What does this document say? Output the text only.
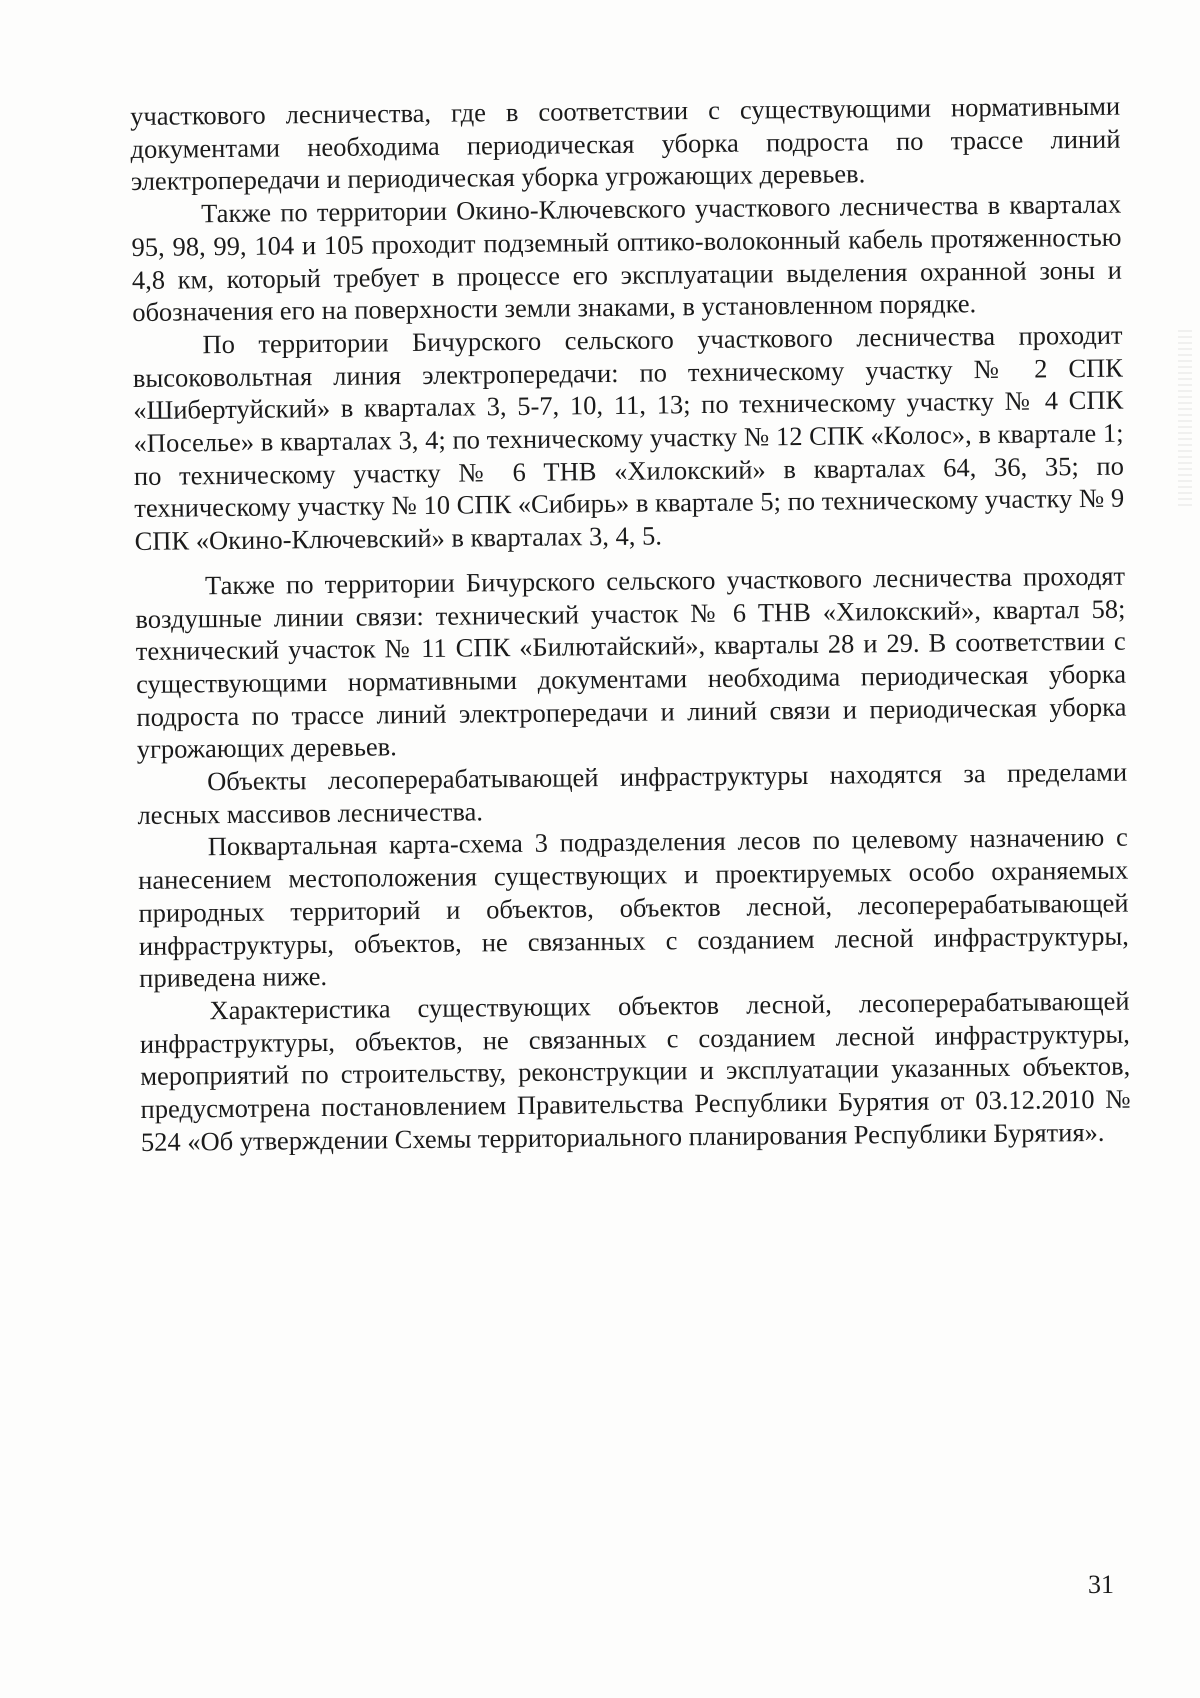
участкового лесничества, где в соответствии с существующими нормативными документами необходима периодическая уборка подроста по трассе линий электропередачи и периодическая уборка угрожающих деревьев.

Также по территории Окино-Ключевского участкового лесничества в кварталах 95, 98, 99, 104 и 105 проходит подземный оптико-волоконный кабель протяженностью 4,8 км, который требует в процессе его эксплуатации выделения охранной зоны и обозначения его на поверхности земли знаками, в установленном порядке.

По территории Бичурского сельского участкового лесничества проходит высоковольтная линия электропередачи: по техническому участку № 2 СПК «Шибертуйский» в кварталах 3, 5-7, 10, 11, 13; по техническому участку № 4 СПК «Поселье» в кварталах 3, 4; по техническому участку № 12 СПК «Колос», в квартале 1; по техническому участку № 6 ТНВ «Хилокский» в кварталах 64, 36, 35; по техническому участку № 10 СПК «Сибирь» в квартале 5; по техническому участку № 9 СПК «Окино-Ключевский» в кварталах 3, 4, 5.

Также по территории Бичурского сельского участкового лесничества проходят воздушные линии связи: технический участок № 6 ТНВ «Хилокский», квартал 58; технический участок № 11 СПК «Билютайский», кварталы 28 и 29. В соответствии с существующими нормативными документами необходима периодическая уборка подроста по трассе линий электропередачи и линий связи и периодическая уборка угрожающих деревьев.

Объекты лесоперерабатывающей инфраструктуры находятся за пределами лесных массивов лесничества.

Поквартальная карта-схема 3 подразделения лесов по целевому назначению с нанесением местоположения существующих и проектируемых особо охраняемых природных территорий и объектов, объектов лесной, лесоперерабатывающей инфраструктуры, объектов, не связанных с созданием лесной инфраструктуры, приведена ниже.

Характеристика существующих объектов лесной, лесоперерабатывающей инфраструктуры, объектов, не связанных с созданием лесной инфраструктуры, мероприятий по строительству, реконструкции и эксплуатации указанных объектов, предусмотрена постановлением Правительства Республики Бурятия от 03.12.2010 № 524 «Об утверждении Схемы территориального планирования Республики Бурятия».

31
